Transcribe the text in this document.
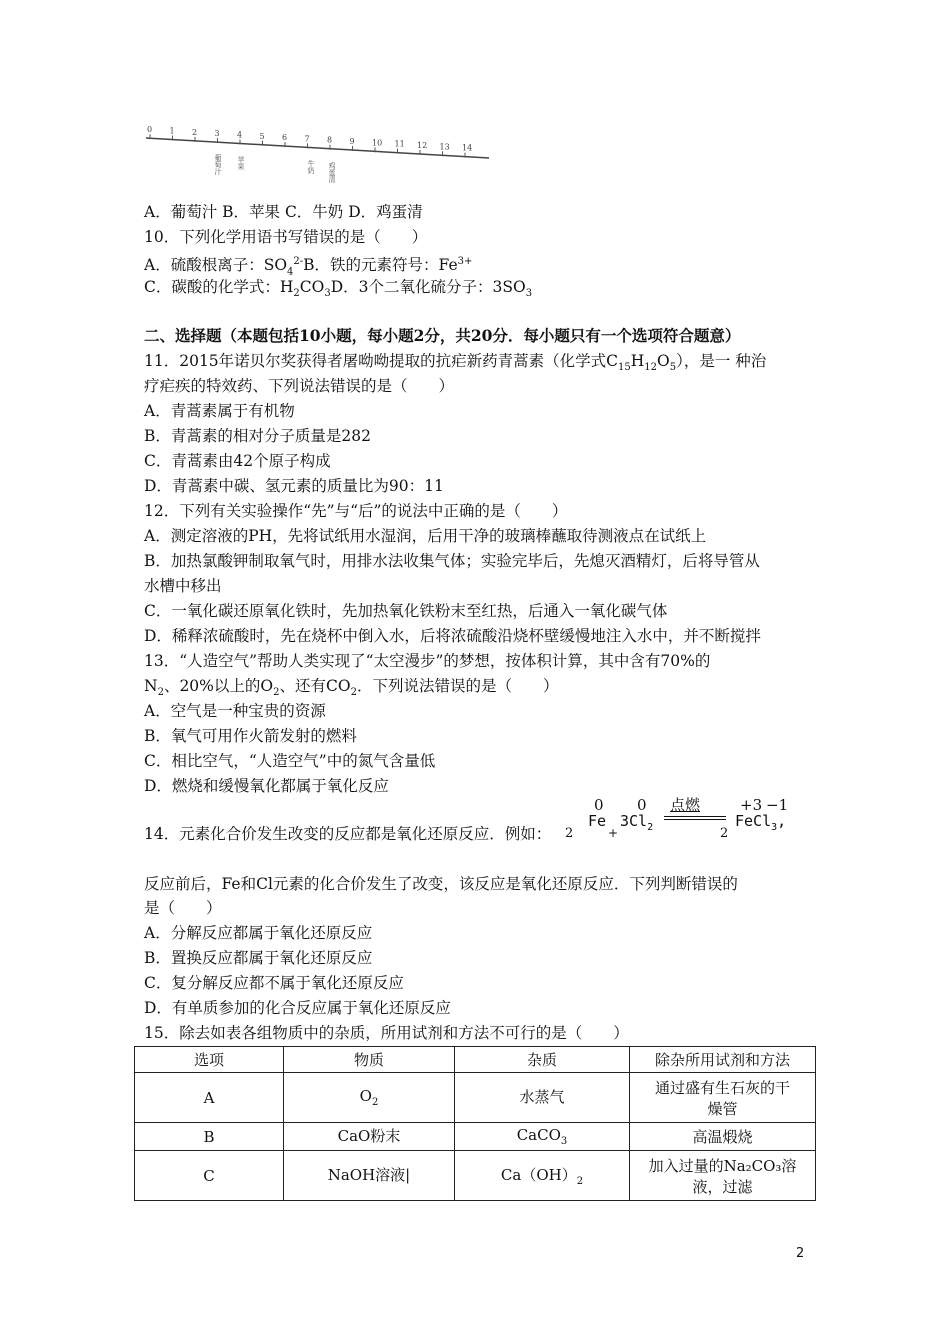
0 1 2 3 4 5 6 7 8 9 10 11 12 13 14
葡萄汁 苹果	牛奶 鸡蛋清
A．葡萄汁 B．苹果 C．牛奶 D．鸡蛋清
10．下列化学用语书写错误的是（　　）
A．硫酸根离子：$SO_4^{2-}B$．铁的元素符号：$Fe^{3+}$
C．碳酸的化学式：$H_2CO_3D$．3个二氧化硫分子：$3SO_3$
二、选择题（本题包括10小题，每小题2分，共20分．每小题只有一个选项符合题意）
11．2015年诺贝尔奖获得者屠呦呦提取的抗疟新药青蒿素（化学式$C_{15}H_{12}O_5$），是一 种治
疗疟疾的特效药、下列说法错误的是（　　）
A．青蒿素属于有机物
B．青蒿素的相对分子质量是282
C．青蒿素由42个原子构成
D．青蒿素中碳、氢元素的质量比为90：11
12．下列有关实验操作“先”与“后”的说法中正确的是（　　）
A．测定溶液的PH，先将试纸用水湿润，后用干净的玻璃棒蘸取待测液点在试纸上
B．加热氯酸钾制取氧气时，用排水法收集气体；实验完毕后，先熄灭酒精灯，后将导管从
水槽中移出
C．一氧化碳还原氧化铁时，先加热氧化铁粉末至红热，后通入一氧化碳气体
D．稀释浓硫酸时，先在烧杯中倒入水，后将浓硫酸沿烧杯壁缓慢地注入水中，并不断搅拌
13．“人造空气”帮助人类实现了“太空漫步”的梦想，按体积计算，其中含有70%的
$N_2$、20%以上的$O_2$、还有$CO_2$．下列说法错误的是（　　）
A．空气是一种宝贵的资源
B．氧气可用作火箭发射的燃料
C．相比空气，“人造空气”中的氮气含量低
D．燃烧和缓慢氧化都属于氧化反应
14．元素化合价发生改变的反应都是氧化还原反应．例如：
0 0	+3 −1
2
Fe
+
$3Cl_2$
点燃
2
FeCl$_3$,
反应前后，Fe和Cl元素的化合价发生了改变，该反应是氧化还原反应．下列判断错误的
是（　　）
A．分解反应都属于氧化还原反应
B．置换反应都属于氧化还原反应
C．复分解反应都不属于氧化还原反应
D．有单质参加的化合反应属于氧化还原反应
15．除去如表各组物质中的杂质，所用试剂和方法不可行的是（　　）
选项	物质	杂质	除杂所用试剂和方法
A	$O_2$	水蒸气	通过盛有生石灰的干
燥管

B	CaO粉末	CaCO$_3$	高温煅烧

C	NaOH溶液|	$Ca(OH)_2$	加入过量的Na₂CO₃溶
液，过滤
2
